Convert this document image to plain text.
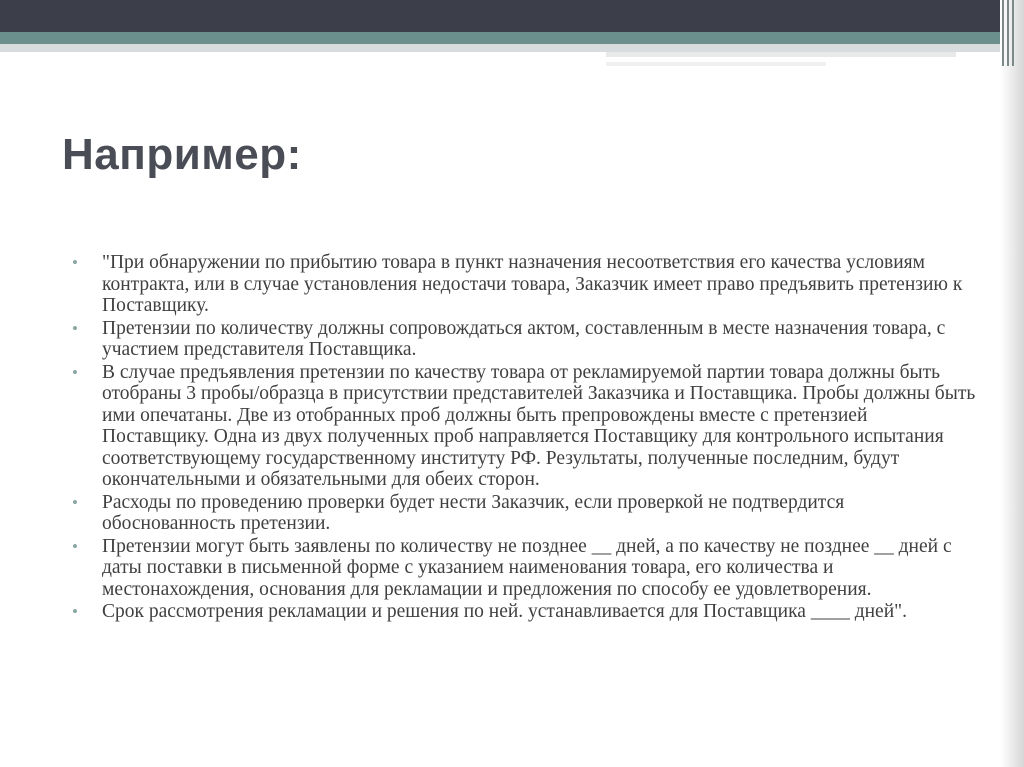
Например:
• "При обнаружении по прибытию товара в пункт назначения несоответствия его качества условиям контракта, или в случае установления недостачи товара, Заказчик имеет право предъявить претензию к Поставщику.
• Претензии по количеству должны сопровождаться актом, составленным в месте назначения товара, с участием представителя Поставщика.
• В случае предъявления претензии по качеству товара от рекламируемой партии товара должны быть отобраны 3 пробы/образца в присутствии представителей Заказчика и Поставщика. Пробы должны быть ими опечатаны. Две из отобранных проб должны быть препровождены вместе с претензией Поставщику. Одна из двух полученных проб направляется Поставщику для контрольного испытания соответствующему государственному институту РФ. Результаты, полученные последним, будут окончательными и обязательными для обеих сторон.
• Расходы по проведению проверки будет нести Заказчик, если проверкой не подтвердится обоснованность претензии.
• Претензии могут быть заявлены по количеству не позднее __ дней, а по качеству не позднее __ дней с даты поставки в письменной форме с указанием наименования товара, его количества и местонахождения, основания для рекламации и предложения по способу ее удовлетворения.
• Срок рассмотрения рекламации и решения по ней. устанавливается для Поставщика ____ дней".
